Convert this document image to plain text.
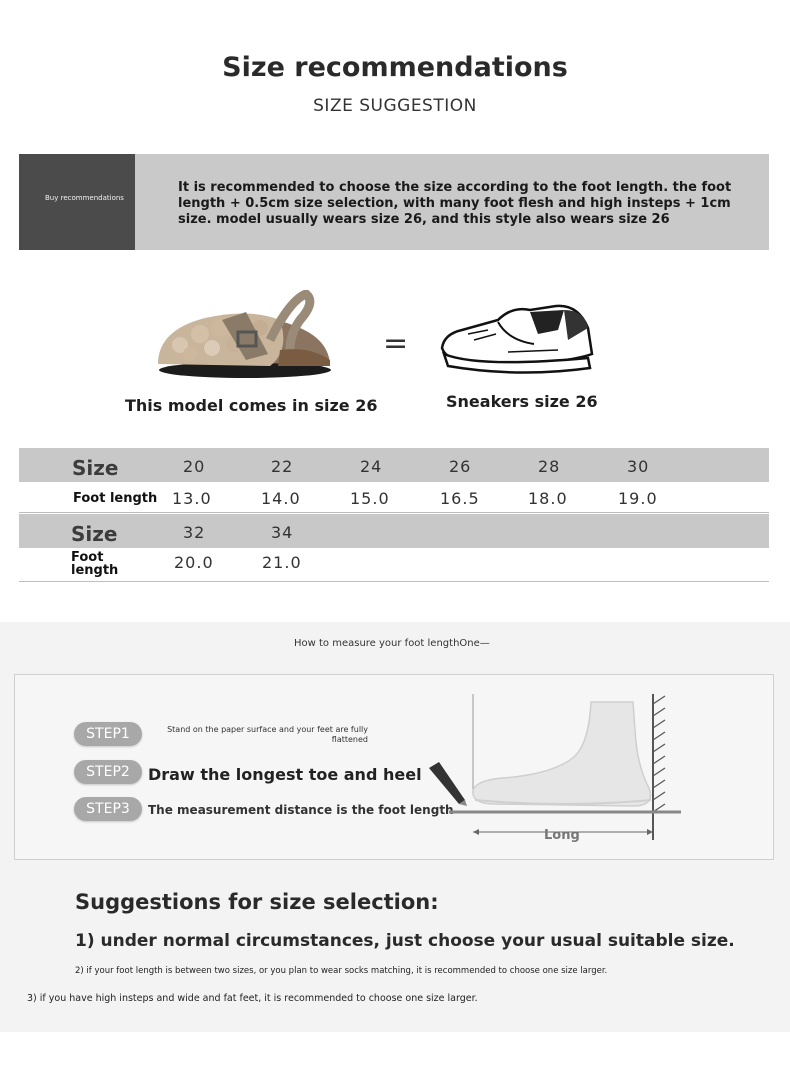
Size recommendations
SIZE SUGGESTION
Buy recommendations
It is recommended to choose the size according to the foot length. the foot length + 0.5cm size selection, with many foot flesh and high insteps + 1cm size. model usually wears size 26, and this style also wears size 26
=
This model comes in size 26	Sneakers size 26
Size	20	22	24	26	28	30
Foot length 13.0	14.0	15.0	16.5	18.0	19.0
Size	32	34
Foot length	20.0	21.0
How to measure your foot lengthOne—
STEP1	Stand on the paper surface and your feet are fully flattened
STEP2	Draw the longest toe and heel
STEP3	The measurement distance is the foot length
Long
Suggestions for size selection:
1) under normal circumstances, just choose your usual suitable size.
2) if your foot length is between two sizes, or you plan to wear socks matching, it is recommended to choose one size larger.
3) if you have high insteps and wide and fat feet, it is recommended to choose one size larger.
